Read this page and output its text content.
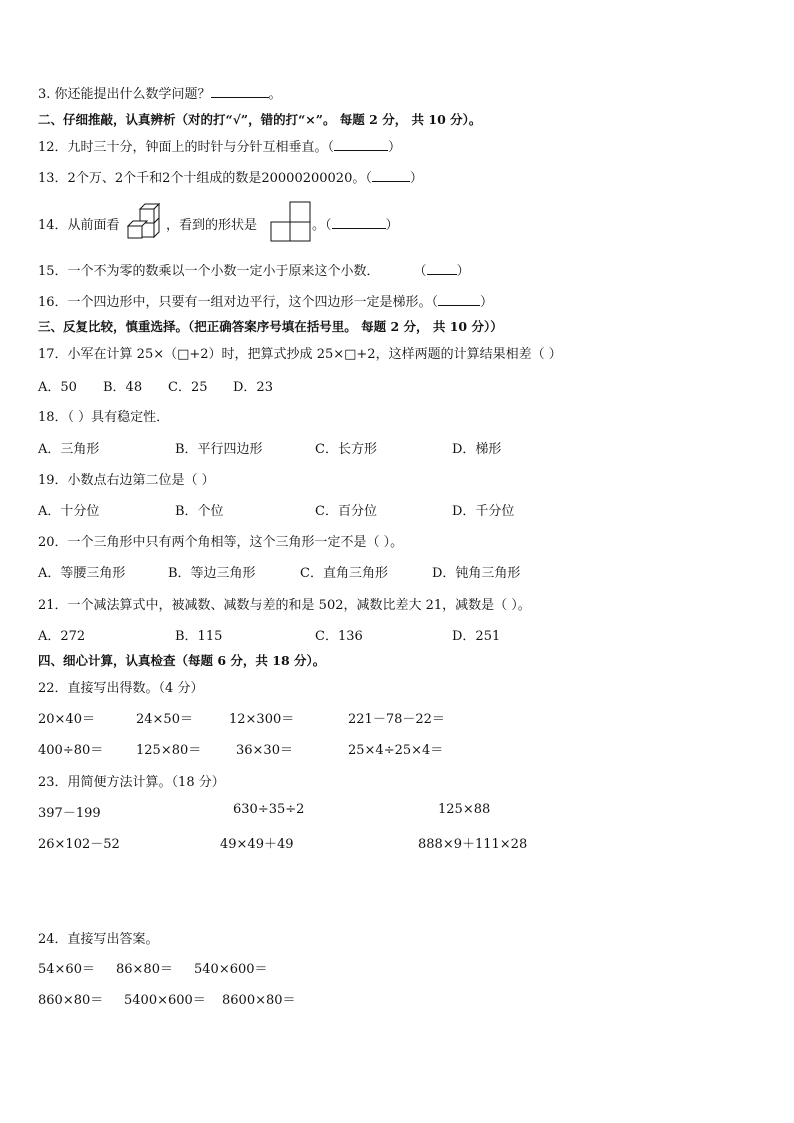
3. 你还能提出什么数学问题？	。
二、仔细推敲，认真辨析（对的打“√”，错的打“×”。 每题 2 分， 共 10 分）。
12．九时三十分，钟面上的时针与分针互相垂直。（	）
13．2个万、2个千和2个十组成的数是20000200020。（	）
14．从前面看	，看到的形状是	。（	）
15．一个不为零的数乘以一个小数一定小于原来这个小数．	（ ）
16．一个四边形中，只要有一组对边平行，这个四边形一定是梯形。（	）
三、反复比较，慎重选择。（把正确答案序号填在括号里。 每题 2 分， 共 10 分））
17．小军在计算 25×（□+2）时，把算式抄成 25×□+2，这样两题的计算结果相差（ ）
A．50 B．48 C．25 D．23
18．（ ）具有稳定性．
A．三角形	B．平行四边形	C．长方形	D．梯形
19．小数点右边第二位是（ ）
A．十分位	B．个位	C．百分位	D．千分位
20．一个三角形中只有两个角相等，这个三角形一定不是（ ）。
A．等腰三角形	B．等边三角形	C．直角三角形	D．钝角三角形
21．一个减法算式中，被减数、减数与差的和是 502，减数比差大 21，减数是（ ）。
A．272	B．115	C．136	D．251
四、细心计算，认真检查（每题 6 分，共 18 分）。
22．直接写出得数。（4 分）
20×40＝	24×50＝	12×300＝	221－78－22＝
400÷80＝	125×80＝	36×30＝	25×4÷25×4＝
23．用简便方法计算。（18 分）
397－199	630÷35÷2	125×88
26×102－52	49×49＋49	888×9＋111×28
24．直接写出答案。
54×60＝ 86×80＝ 540×600＝
860×80＝ 5400×600＝ 8600×80＝
